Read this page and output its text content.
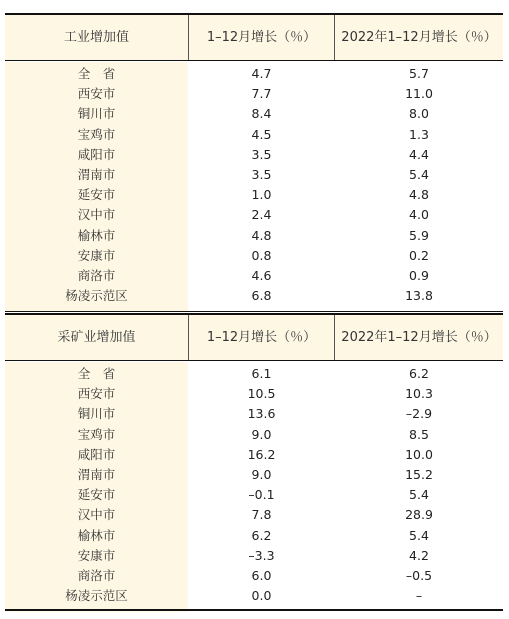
工业增加值	1–12月增长（％）	2022年1–12月增长（％）
全　省	4.7	5.7
西安市	7.7	11.0
铜川市	8.4	8.0
宝鸡市	4.5	1.3
咸阳市	3.5	4.4
渭南市	3.5	5.4
延安市	1.0	4.8
汉中市	2.4	4.0
榆林市	4.8	5.9
安康市	0.8	0.2
商洛市	4.6	0.9
杨凌示范区	6.8	13.8
采矿业增加值	1–12月增长（％）	2022年1–12月增长（％）
全　省	6.1	6.2
西安市	10.5	10.3
铜川市	13.6	–2.9
宝鸡市	9.0	8.5
咸阳市	16.2	10.0
渭南市	9.0	15.2
延安市	–0.1	5.4
汉中市	7.8	28.9
榆林市	6.2	5.4
安康市	–3.3	4.2
商洛市	6.0	–0.5
杨凌示范区	0.0	–
